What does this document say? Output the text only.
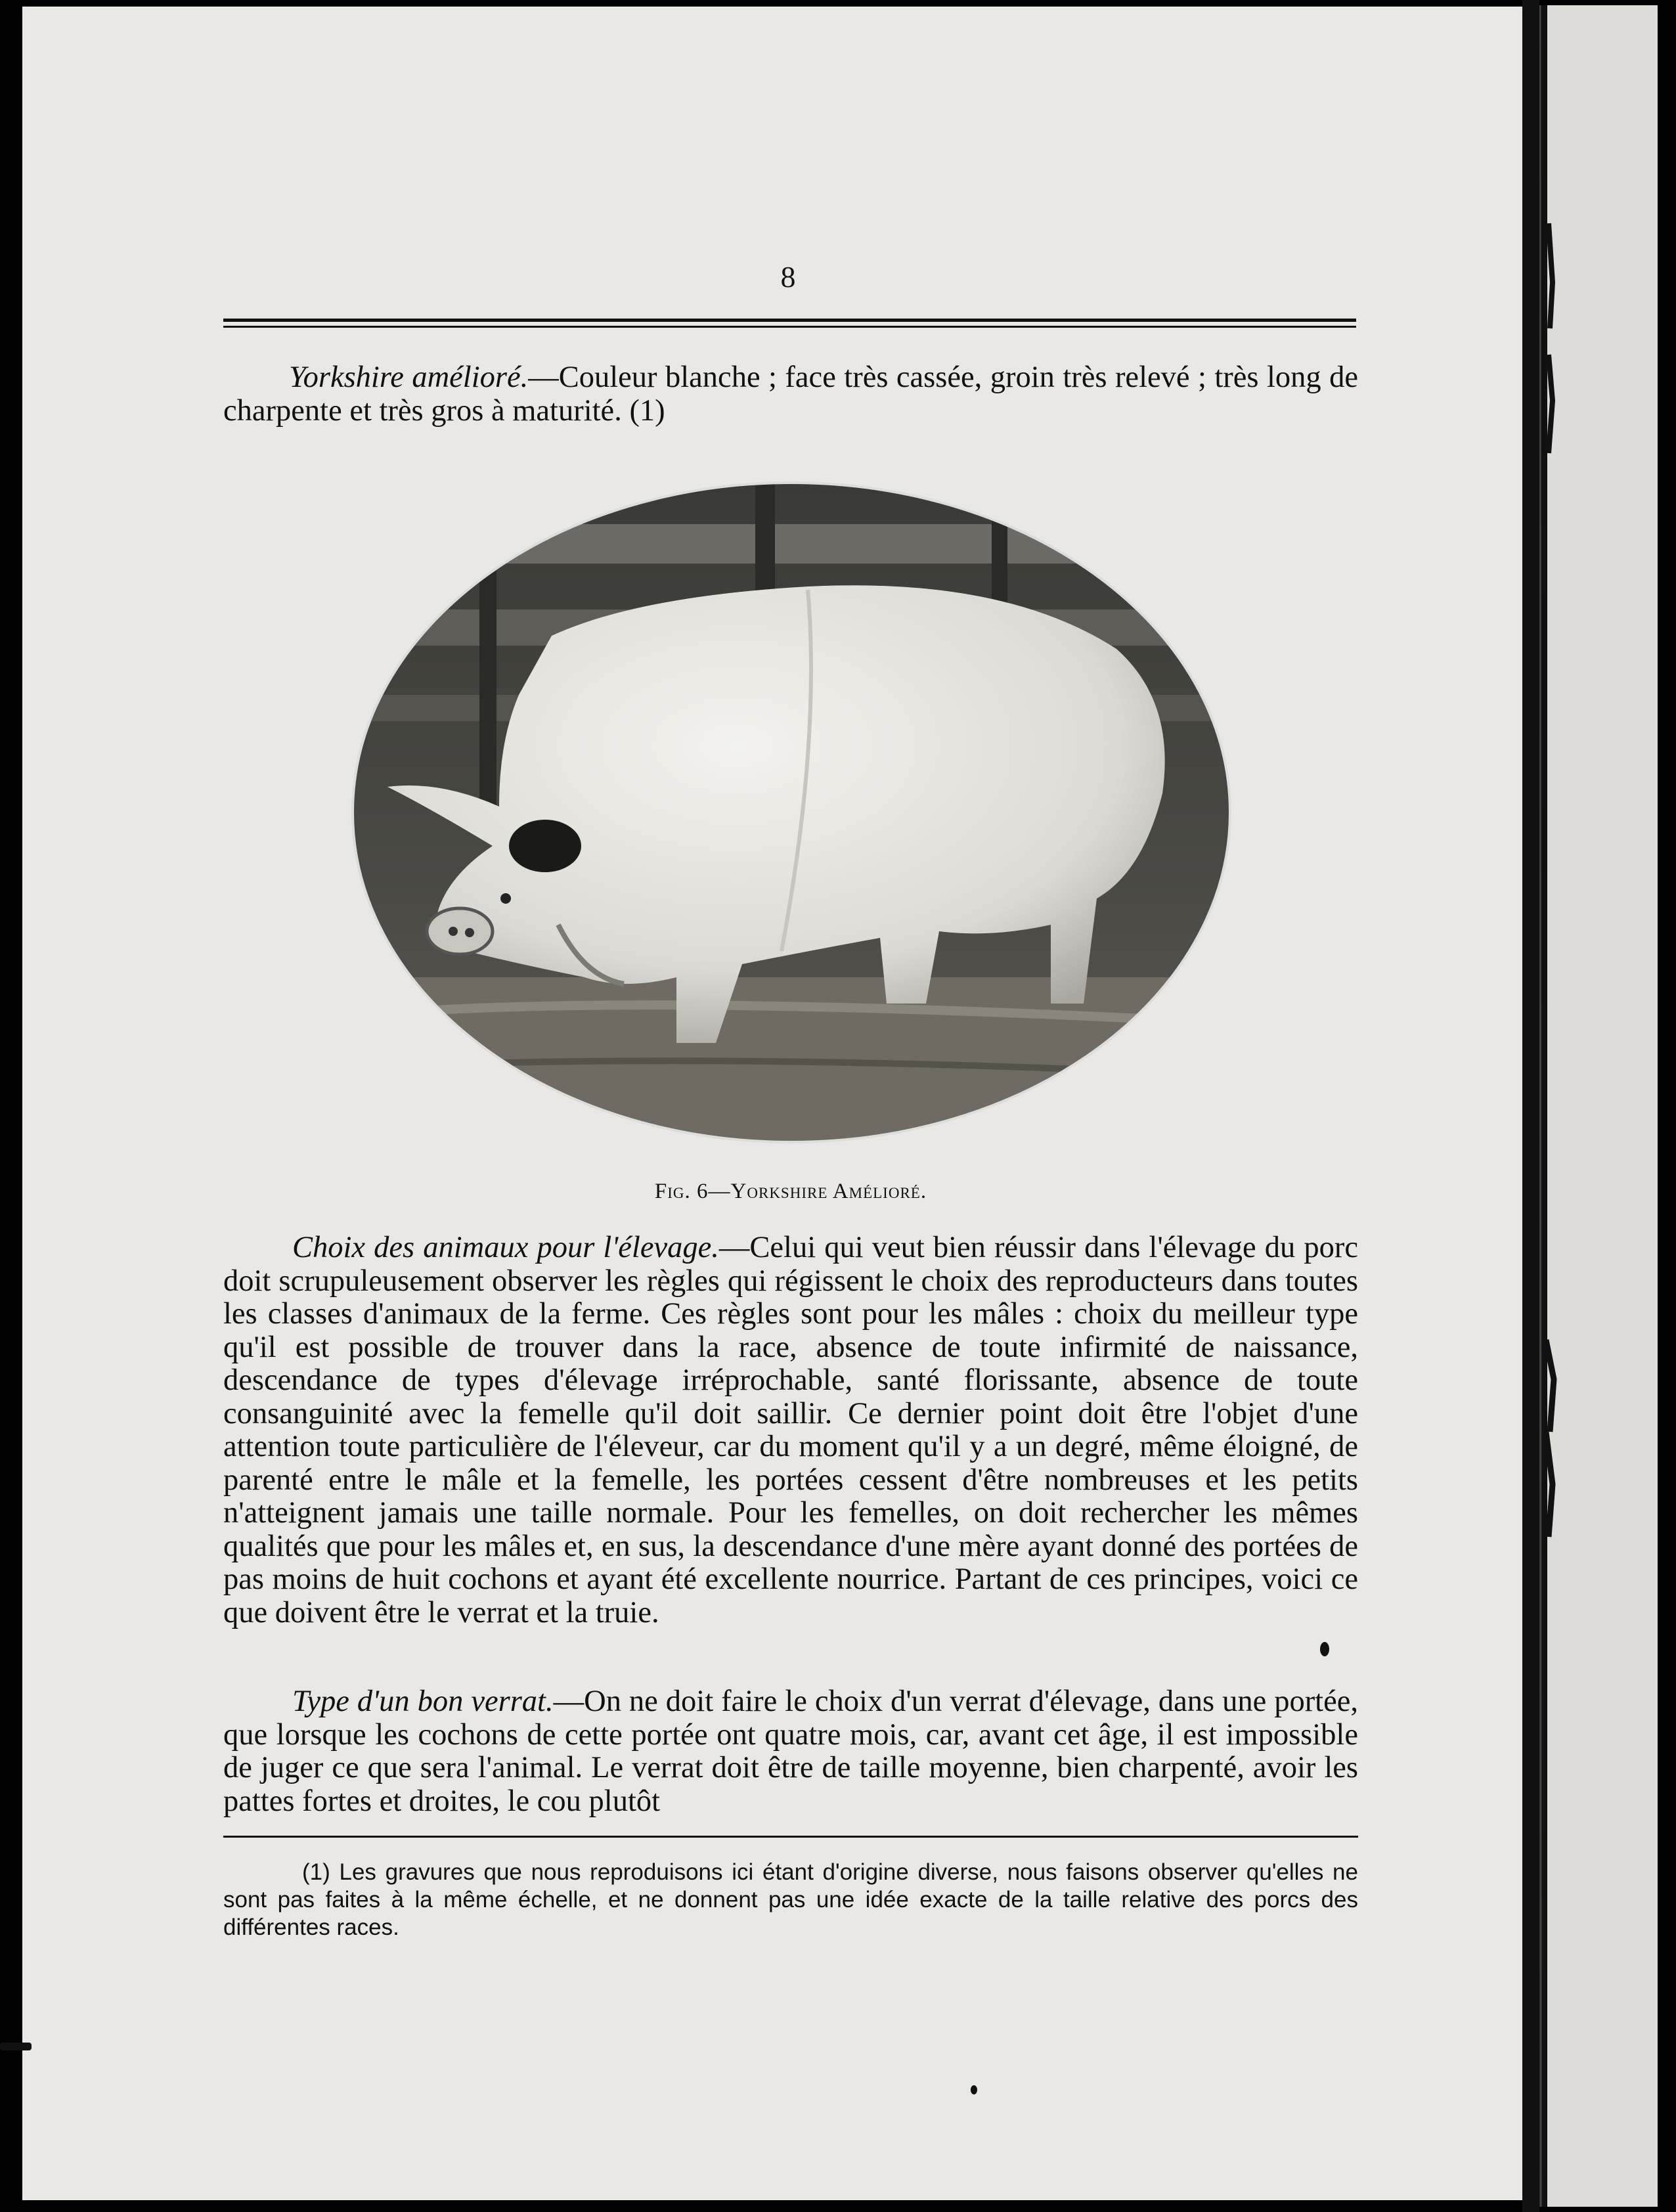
8

Yorkshire amélioré.—Couleur blanche ; face très cassée, groin très relevé ; très long de charpente et très gros à maturité. (1)

Fig. 6—Yorkshire Amélioré.

Choix des animaux pour l'élevage.—Celui qui veut bien réussir dans l'élevage du porc doit scrupuleusement observer les règles qui régissent le choix des reproducteurs dans toutes les classes d'animaux de la ferme. Ces règles sont pour les mâles : choix du meilleur type qu'il est possible de trouver dans la race, absence de toute infirmité de naissance, descendance de types d'élevage irréprochable, santé florissante, absence de toute consanguinité avec la femelle qu'il doit saillir. Ce dernier point doit être l'objet d'une attention toute particulière de l'éleveur, car du moment qu'il y a un degré, même éloigné, de parenté entre le mâle et la femelle, les portées cessent d'être nombreuses et les petits n'atteignent jamais une taille normale. Pour les femelles, on doit rechercher les mêmes qualités que pour les mâles et, en sus, la descendance d'une mère ayant donné des portées de pas moins de huit cochons et ayant été excellente nourrice. Partant de ces principes, voici ce que doivent être le verrat et la truie.

Type d'un bon verrat.—On ne doit faire le choix d'un verrat d'élevage, dans une portée, que lorsque les cochons de cette portée ont quatre mois, car, avant cet âge, il est impossible de juger ce que sera l'animal. Le verrat doit être de taille moyenne, bien charpenté, avoir les pattes fortes et droites, le cou plutôt

(1) Les gravures que nous reproduisons ici étant d'origine diverse, nous faisons observer qu'elles ne sont pas faites à la même échelle, et ne donnent pas une idée exacte de la taille relative des porcs des différentes races.
